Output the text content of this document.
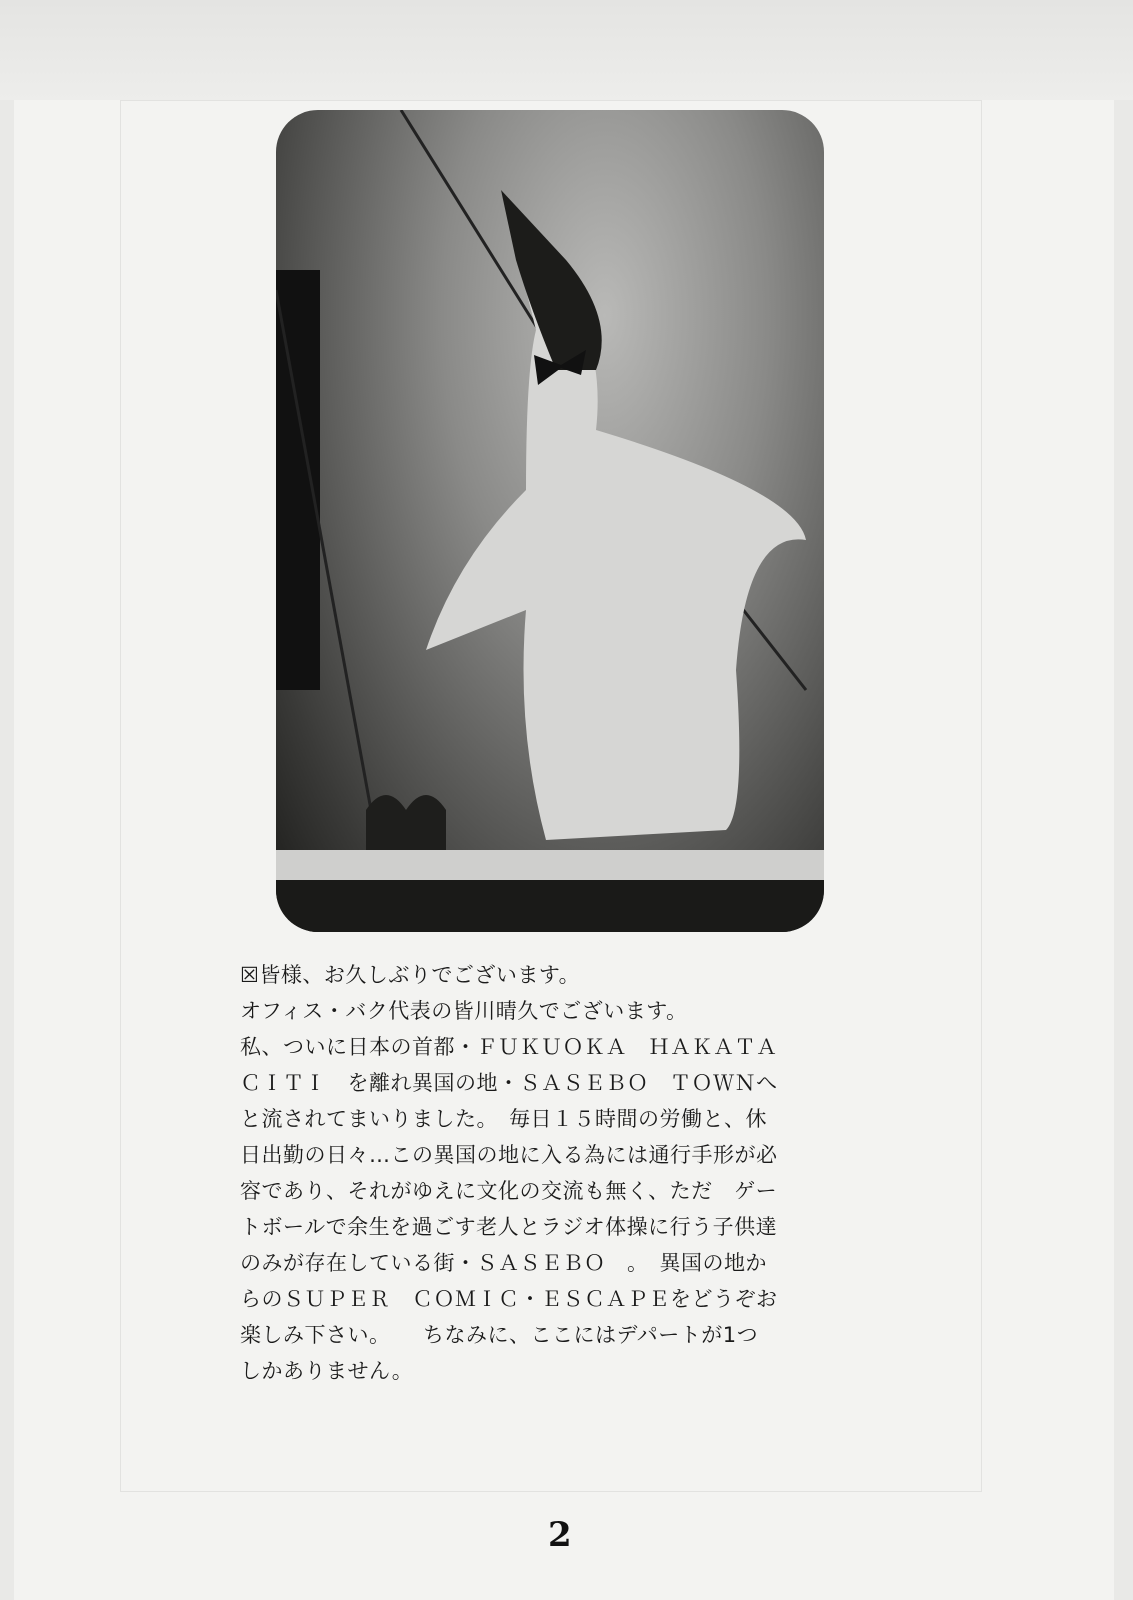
☒皆様、お久しぶりでございます。
オフィス・バク代表の皆川晴久でございます。
私、ついに日本の首都・ＦＵＫＵＯＫＡ　ＨＡＫＡＴＡ
ＣＩＴＩ　を離れ異国の地・ＳＡＳＥＢＯ　ＴＯＷＮへ
と流されてまいりました。　毎日１５時間の労働と、休
日出勤の日々…この異国の地に入る為には通行手形が必
容であり、それがゆえに文化の交流も無く、ただ　ゲー
トボールで余生を過ごす老人とラジオ体操に行う子供達
のみが存在している街・ＳＡＳＥＢＯ　。　異国の地か
らのＳＵＰＥＲ　ＣＯＭＩＣ・ＥＳＣＡＰＥをどうぞお
楽しみ下さい。　　ちなみに、ここにはデパートが1つ
しかありません。
2
